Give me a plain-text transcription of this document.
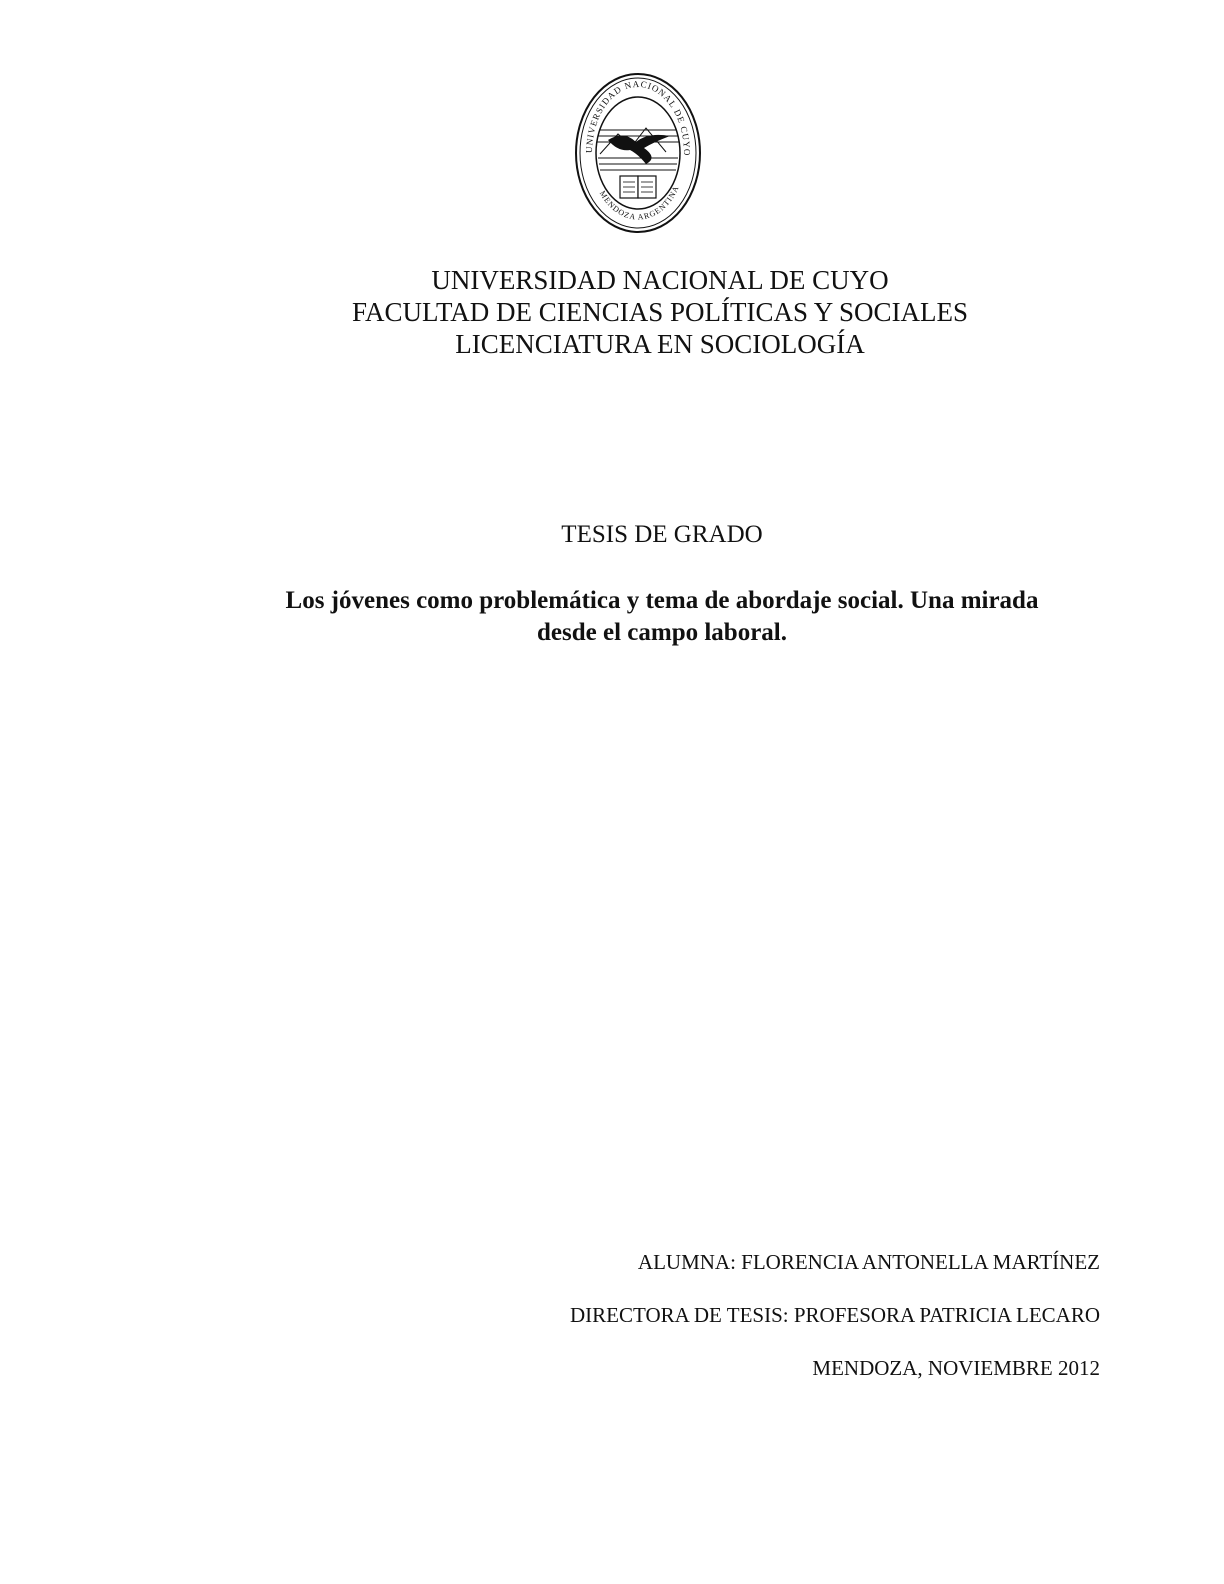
UNIVERSIDAD NACIONAL DE CUYO
MENDOZA ARGENTINA
UNIVERSIDAD NACIONAL DE CUYO
FACULTAD DE CIENCIAS POLÍTICAS Y SOCIALES
LICENCIATURA EN SOCIOLOGÍA
TESIS DE GRADO
Los jóvenes como problemática y tema de abordaje social. Una mirada
desde el campo laboral.
ALUMNA: FLORENCIA ANTONELLA MARTÍNEZ
DIRECTORA DE TESIS: PROFESORA PATRICIA LECARO
MENDOZA, NOVIEMBRE 2012
